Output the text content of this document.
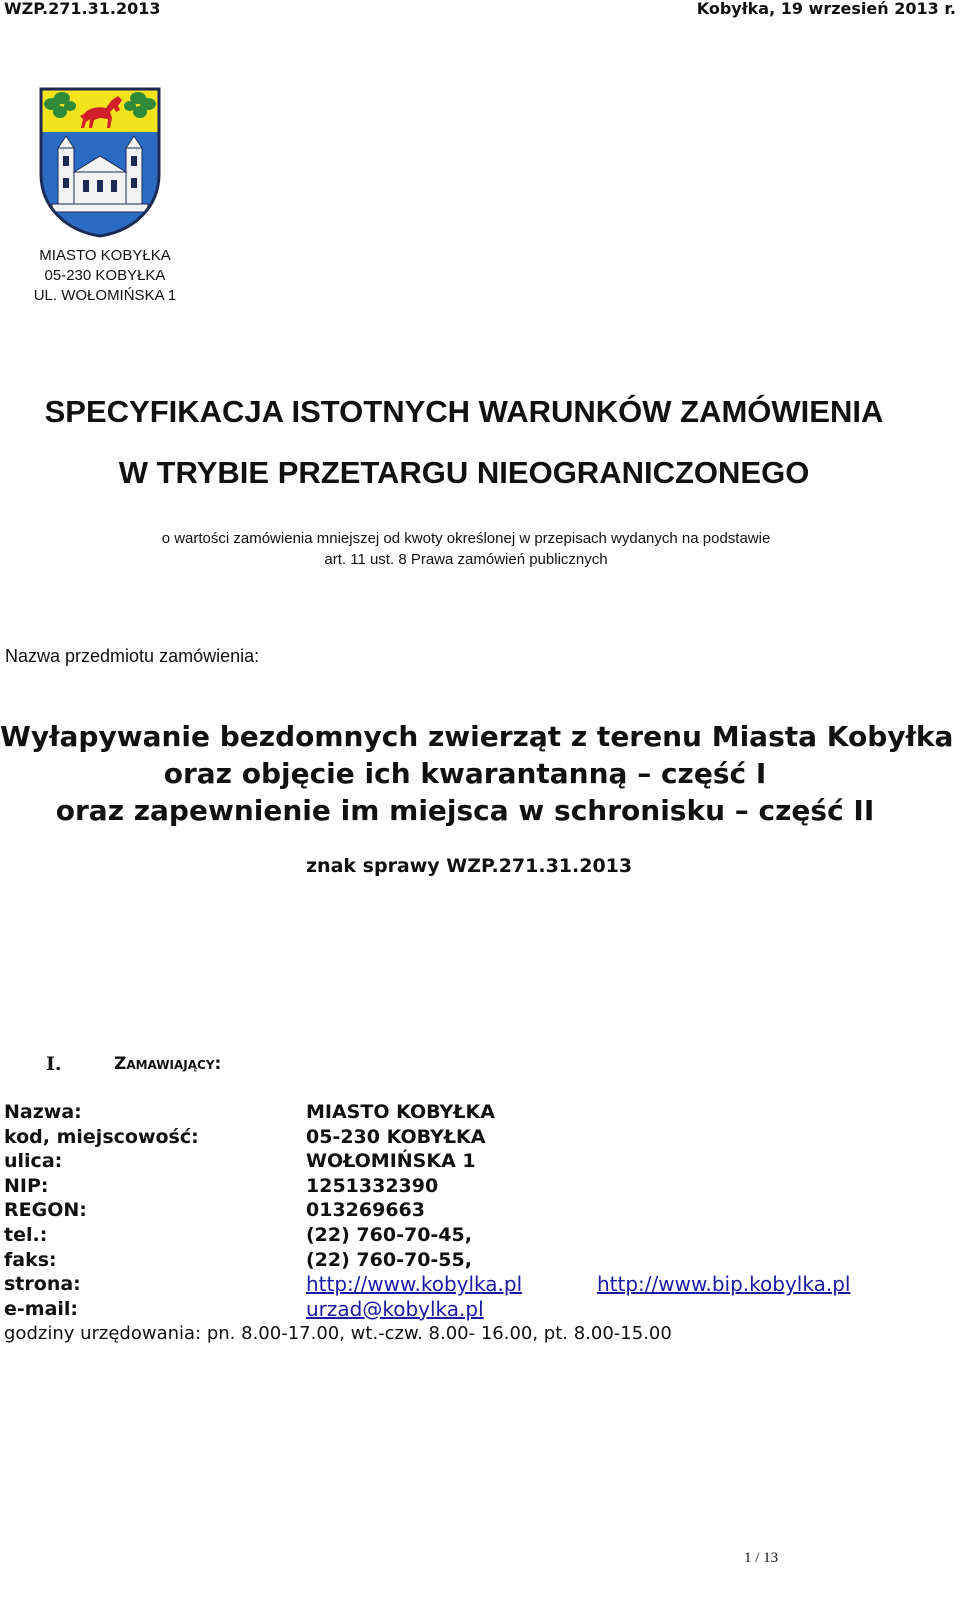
WZP.271.31.2013	Kobyłka, 19 wrzesień 2013 r.
MIASTO KOBYŁKA
05-230 KOBYŁKA
UL. WOŁOMIŃSKA 1
SPECYFIKACJA ISTOTNYCH WARUNKÓW ZAMÓWIENIA
W TRYBIE PRZETARGU NIEOGRANICZONEGO
o wartości zamówienia mniejszej od kwoty określonej w przepisach wydanych na podstawie
art. 11 ust. 8 Prawa zamówień publicznych
Nazwa przedmiotu zamówienia:
Wyłapywanie bezdomnych zwierząt z terenu Miasta Kobyłka
oraz objęcie ich kwarantanną – część I
oraz zapewnienie im miejsca w schronisku – część II
znak sprawy WZP.271.31.2013
I.	Zamawiający:
Nazwa:	MIASTO KOBYŁKA
kod, miejscowość:	05-230 KOBYŁKA
ulica:	WOŁOMIŃSKA 1
NIP:	1251332390
REGON:	013269663
tel.:	(22) 760-70-45,
faks:	(22) 760-70-55,
strona:	http://www.kobylka.pl	http://www.bip.kobylka.pl
e-mail:	urzad@kobylka.pl
godziny urzędowania: pn. 8.00-17.00, wt.-czw. 8.00- 16.00, pt. 8.00-15.00
1 / 13
